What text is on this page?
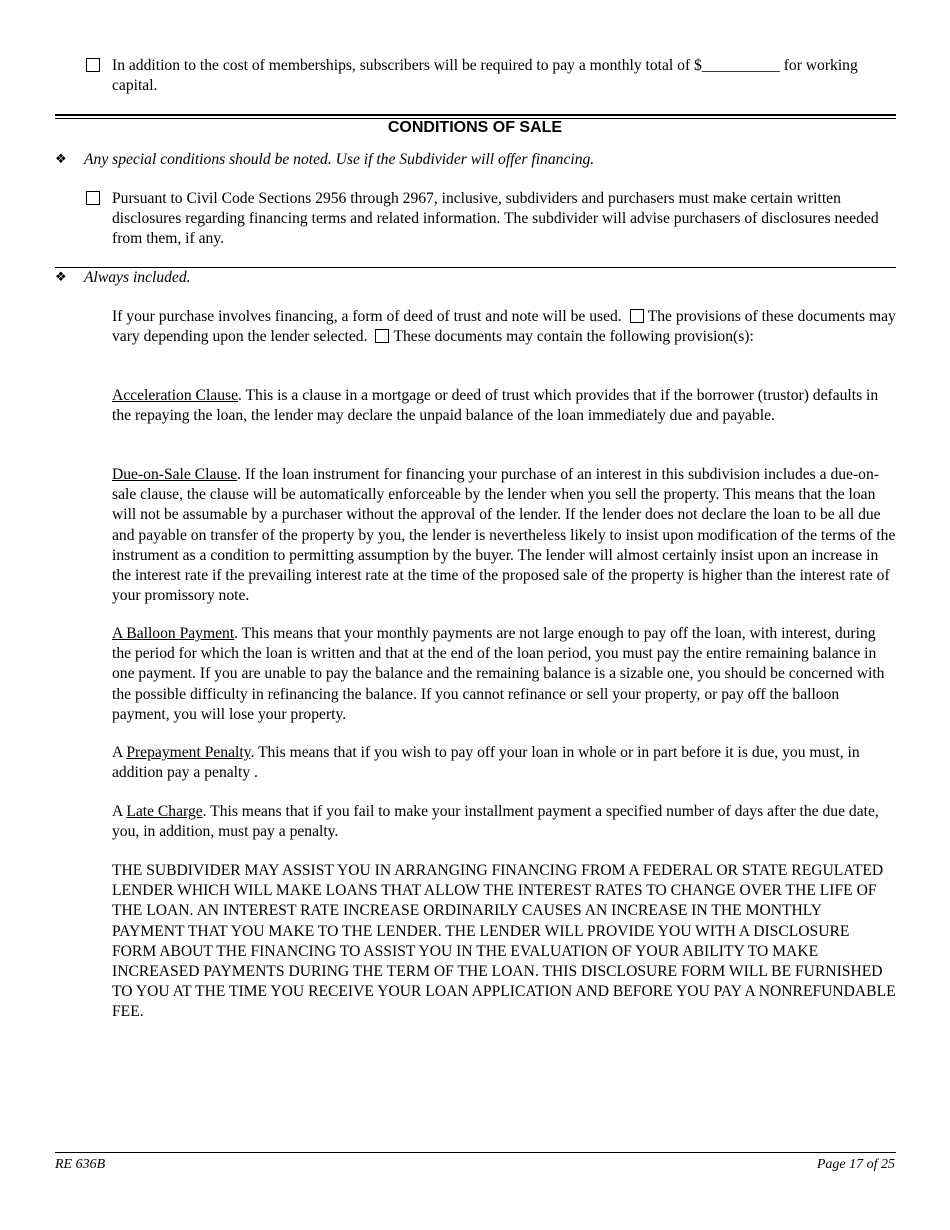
In addition to the cost of memberships, subscribers will be required to pay a monthly total of $__________ for working capital.

CONDITIONS OF SALE
❖ Any special conditions should be noted. Use if the Subdivider will offer financing.

Pursuant to Civil Code Sections 2956 through 2967, inclusive, subdividers and purchasers must make certain written disclosures regarding financing terms and related information. The subdivider will advise purchasers of disclosures needed from them, if any.

❖ Always included.

If your purchase involves financing, a form of deed of trust and note will be used. The provisions of these documents may vary depending upon the lender selected. These documents may contain the following provision(s):

Acceleration Clause. This is a clause in a mortgage or deed of trust which provides that if the borrower (trustor) defaults in the repaying the loan, the lender may declare the unpaid balance of the loan immediately due and payable.

Due-on-Sale Clause. If the loan instrument for financing your purchase of an interest in this subdivision includes a due-on-sale clause, the clause will be automatically enforceable by the lender when you sell the property. This means that the loan will not be assumable by a purchaser without the approval of the lender. If the lender does not declare the loan to be all due and payable on transfer of the property by you, the lender is nevertheless likely to insist upon modification of the terms of the instrument as a condition to permitting assumption by the buyer. The lender will almost certainly insist upon an increase in the interest rate if the prevailing interest rate at the time of the proposed sale of the property is higher than the interest rate of your promissory note.

A Balloon Payment. This means that your monthly payments are not large enough to pay off the loan, with interest, during the period for which the loan is written and that at the end of the loan period, you must pay the entire remaining balance in one payment. If you are unable to pay the balance and the remaining balance is a sizable one, you should be concerned with the possible difficulty in refinancing the balance. If you cannot refinance or sell your property, or pay off the balloon payment, you will lose your property.

A Prepayment Penalty. This means that if you wish to pay off your loan in whole or in part before it is due, you must, in addition pay a penalty .

A Late Charge. This means that if you fail to make your installment payment a specified number of days after the due date, you, in addition, must pay a penalty.

THE SUBDIVIDER MAY ASSIST YOU IN ARRANGING FINANCING FROM A FEDERAL OR STATE REGULATED LENDER WHICH WILL MAKE LOANS THAT ALLOW THE INTEREST RATES TO CHANGE OVER THE LIFE OF THE LOAN. AN INTEREST RATE INCREASE ORDINARILY CAUSES AN INCREASE IN THE MONTHLY PAYMENT THAT YOU MAKE TO THE LENDER. THE LENDER WILL PROVIDE YOU WITH A DISCLOSURE FORM ABOUT THE FINANCING TO ASSIST YOU IN THE EVALUATION OF YOUR ABILITY TO MAKE INCREASED PAYMENTS DURING THE TERM OF THE LOAN. THIS DISCLOSURE FORM WILL BE FURNISHED TO YOU AT THE TIME YOU RECEIVE YOUR LOAN APPLICATION AND BEFORE YOU PAY A NONREFUNDABLE FEE.

RE 636B	Page 17 of 25
